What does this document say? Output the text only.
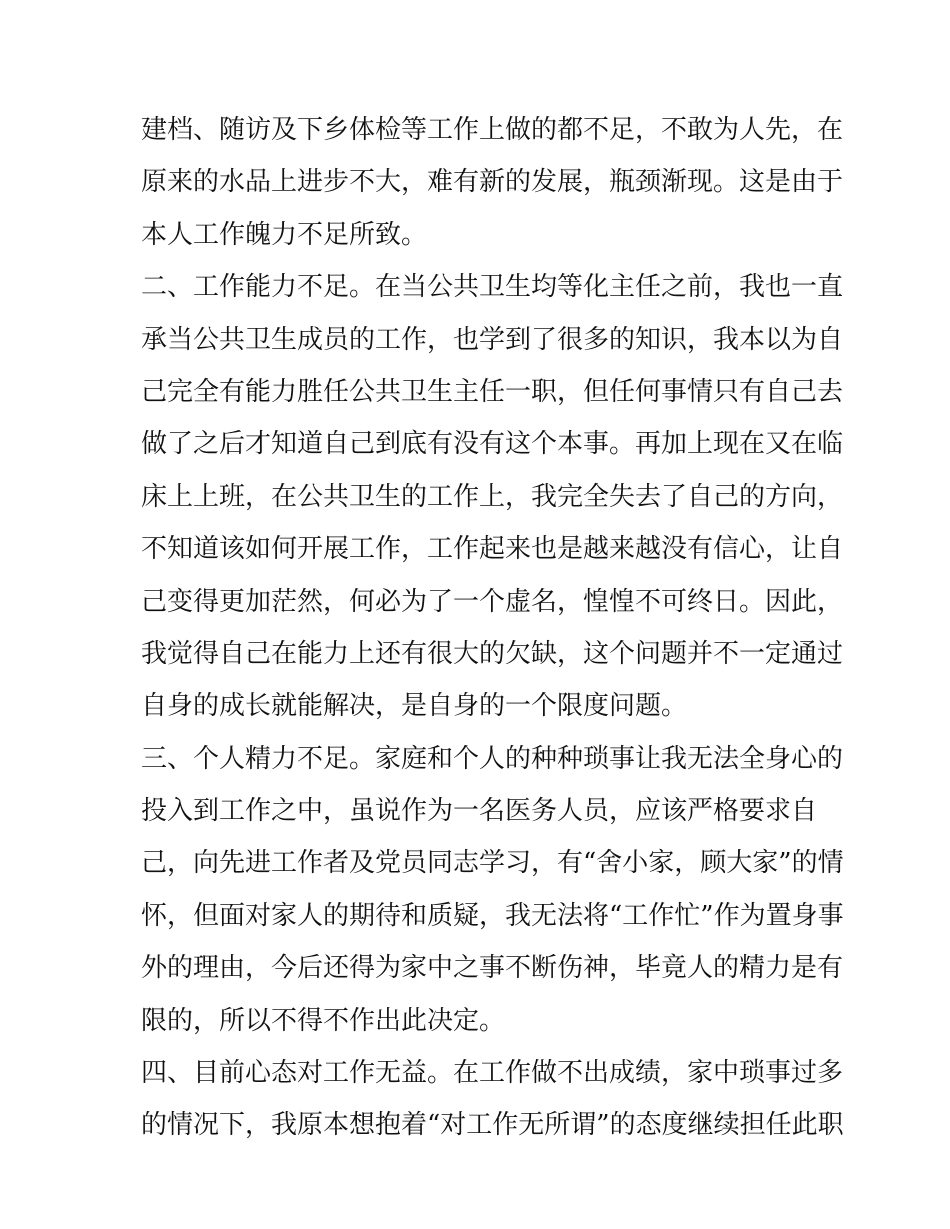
建档、随访及下乡体检等工作上做的都不足，不敢为人先，在

原来的水品上进步不大，难有新的发展，瓶颈渐现。这是由于

本人工作魄力不足所致。

二、工作能力不足。在当公共卫生均等化主任之前，我也一直

承当公共卫生成员的工作，也学到了很多的知识，我本以为自

己完全有能力胜任公共卫生主任一职，但任何事情只有自己去

做了之后才知道自己到底有没有这个本事。再加上现在又在临

床上上班，在公共卫生的工作上，我完全失去了自己的方向，

不知道该如何开展工作，工作起来也是越来越没有信心，让自

己变得更加茫然，何必为了一个虚名，惶惶不可终日。因此，

我觉得自己在能力上还有很大的欠缺，这个问题并不一定通过

自身的成长就能解决，是自身的一个限度问题。

三、个人精力不足。家庭和个人的种种琐事让我无法全身心的

投入到工作之中，虽说作为一名医务人员，应该严格要求自

己，向先进工作者及党员同志学习，有“舍小家，顾大家”的情

怀，但面对家人的期待和质疑，我无法将“工作忙”作为置身事

外的理由，今后还得为家中之事不断伤神，毕竟人的精力是有

限的，所以不得不作出此决定。

四、目前心态对工作无益。在工作做不出成绩，家中琐事过多

的情况下，我原本想抱着“对工作无所谓”的态度继续担任此职
